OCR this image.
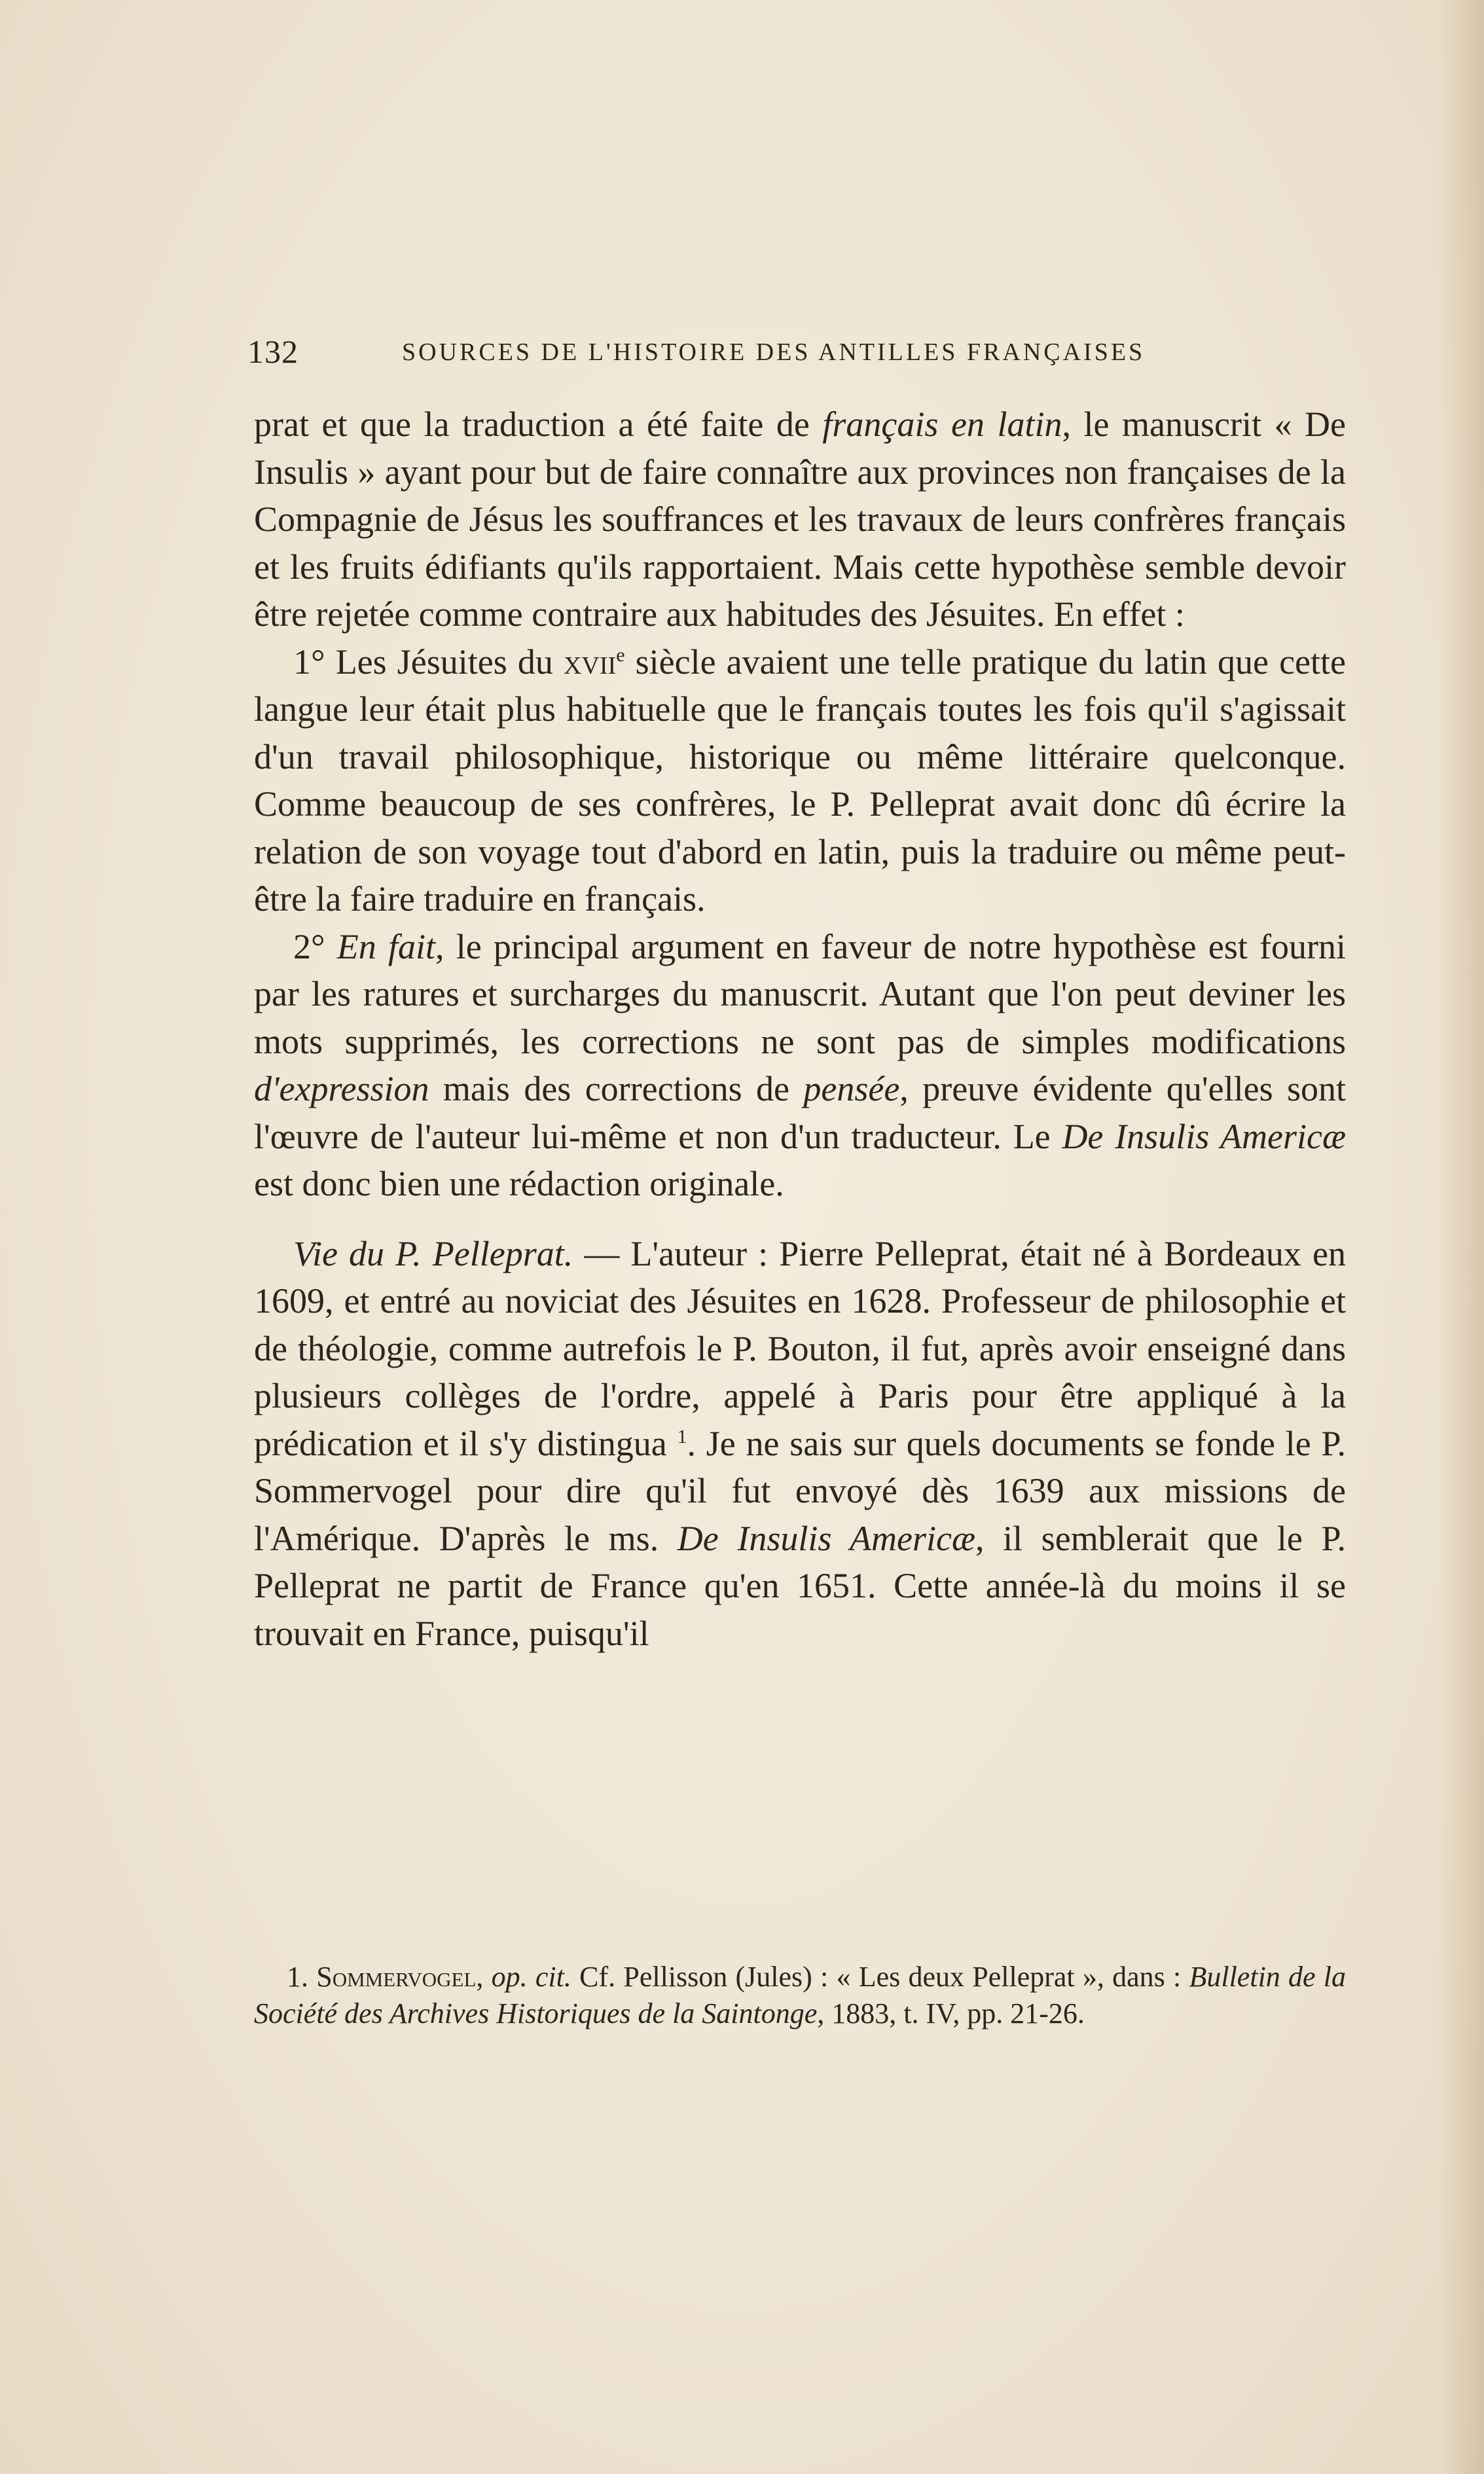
132	SOURCES DE L'HISTOIRE DES ANTILLES FRANÇAISES

prat et que la traduction a été faite de français en latin, le manuscrit « De Insulis » ayant pour but de faire connaître aux provinces non françaises de la Compagnie de Jésus les souffrances et les travaux de leurs confrères français et les fruits édifiants qu'ils rapportaient. Mais cette hypothèse semble devoir être rejetée comme contraire aux habitudes des Jésuites. En effet :

1° Les Jésuites du xvii$^e$ siècle avaient une telle pratique du latin que cette langue leur était plus habituelle que le français toutes les fois qu'il s'agissait d'un travail philosophique, historique ou même littéraire quelconque. Comme beaucoup de ses confrères, le P. Pelleprat avait donc dû écrire la relation de son voyage tout d'abord en latin, puis la traduire ou même peut-être la faire traduire en français.

2° En fait, le principal argument en faveur de notre hypothèse est fourni par les ratures et surcharges du manuscrit. Autant que l'on peut deviner les mots supprimés, les corrections ne sont pas de simples modifications d'expression mais des corrections de pensée, preuve évidente qu'elles sont l'œuvre de l'auteur lui-même et non d'un traducteur. Le De Insulis Americæ est donc bien une rédaction originale.

Vie du P. Pelleprat. — L'auteur : Pierre Pelleprat, était né à Bordeaux en 1609, et entré au noviciat des Jésuites en 1628. Professeur de philosophie et de théologie, comme autrefois le P. Bouton, il fut, après avoir enseigné dans plusieurs collèges de l'ordre, appelé à Paris pour être appliqué à la prédication et il s'y distingua $^1$. Je ne sais sur quels documents se fonde le P. Sommervogel pour dire qu'il fut envoyé dès 1639 aux missions de l'Amérique. D'après le ms. De Insulis Americæ, il semblerait que le P. Pelleprat ne partit de France qu'en 1651. Cette année-là du moins il se trouvait en France, puisqu'il

1. Sommervogel, op. cit. Cf. Pellisson (Jules) : « Les deux Pelleprat », dans : Bulletin de la Société des Archives Historiques de la Saintonge, 1883, t. IV, pp. 21-26.
